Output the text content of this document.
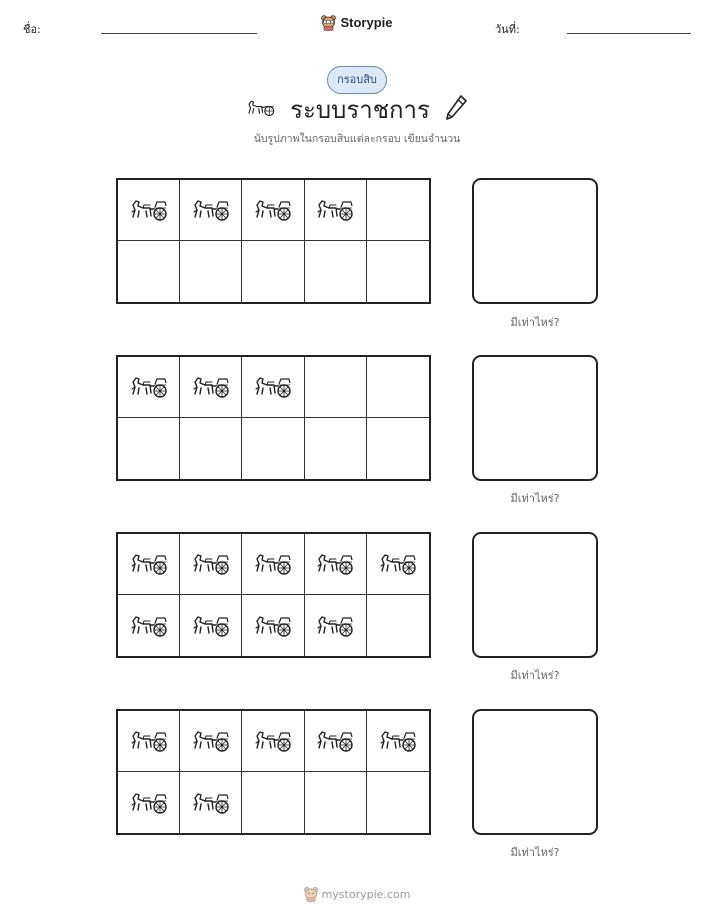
ชื่อ:	Storypie	วันที่:
กรอบสิบ
ระบบราชการ
นับรูปภาพในกรอบสิบแต่ละกรอบ เขียนจำนวน
มีเท่าไหร่?
มีเท่าไหร่?
มีเท่าไหร่?
มีเท่าไหร่?
mystorypie.com
